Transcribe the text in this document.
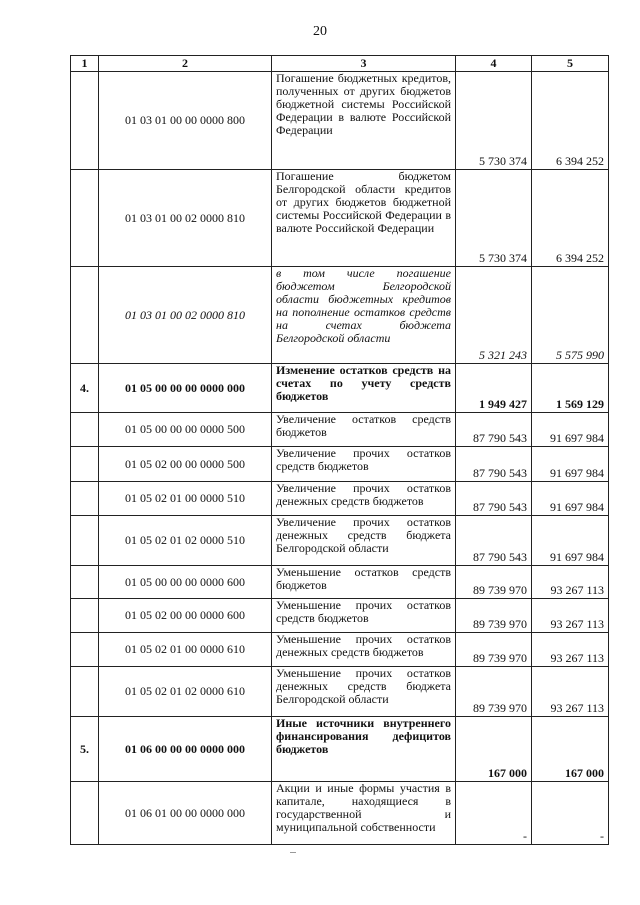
20
1	2	3	4	5
	01 03 01 00 00 0000 800	Погашение бюджетных кредитов, полученных от других бюджетов бюджетной системы Российской Федерации в валюте Российской Федерации	5 730 374	6 394 252
	01 03 01 00 02 0000 810	Погашение бюджетом Белгородской области кредитов от других бюджетов бюджетной системы Российской Федерации в валюте Российской Федерации	5 730 374	6 394 252
	01 03 01 00 02 0000 810	в том числе погашение бюджетом Белгородской области бюджетных кредитов на пополнение остатков средств на счетах бюджета Белгородской области	5 321 243	5 575 990
4.	01 05 00 00 00 0000 000	Изменение остатков средств на счетах по учету средств бюджетов	1 949 427	1 569 129
	01 05 00 00 00 0000 500	Увеличение остатков средств бюджетов	87 790 543	91 697 984
	01 05 02 00 00 0000 500	Увеличение прочих остатков средств бюджетов	87 790 543	91 697 984
	01 05 02 01 00 0000 510	Увеличение прочих остатков денежных средств бюджетов	87 790 543	91 697 984
	01 05 02 01 02 0000 510	Увеличение прочих остатков денежных средств бюджета Белгородской области	87 790 543	91 697 984
	01 05 00 00 00 0000 600	Уменьшение остатков средств бюджетов	89 739 970	93 267 113
	01 05 02 00 00 0000 600	Уменьшение прочих остатков средств бюджетов	89 739 970	93 267 113
	01 05 02 01 00 0000 610	Уменьшение прочих остатков денежных средств бюджетов	89 739 970	93 267 113
	01 05 02 01 02 0000 610	Уменьшение прочих остатков денежных средств бюджета Белгородской области	89 739 970	93 267 113
5.	01 06 00 00 00 0000 000	Иные источники внутреннего финансирования дефицитов бюджетов	167 000	167 000
	01 06 01 00 00 0000 000	Акции и иные формы участия в капитале, находящиеся в государственной и муниципальной собственности	-	-
